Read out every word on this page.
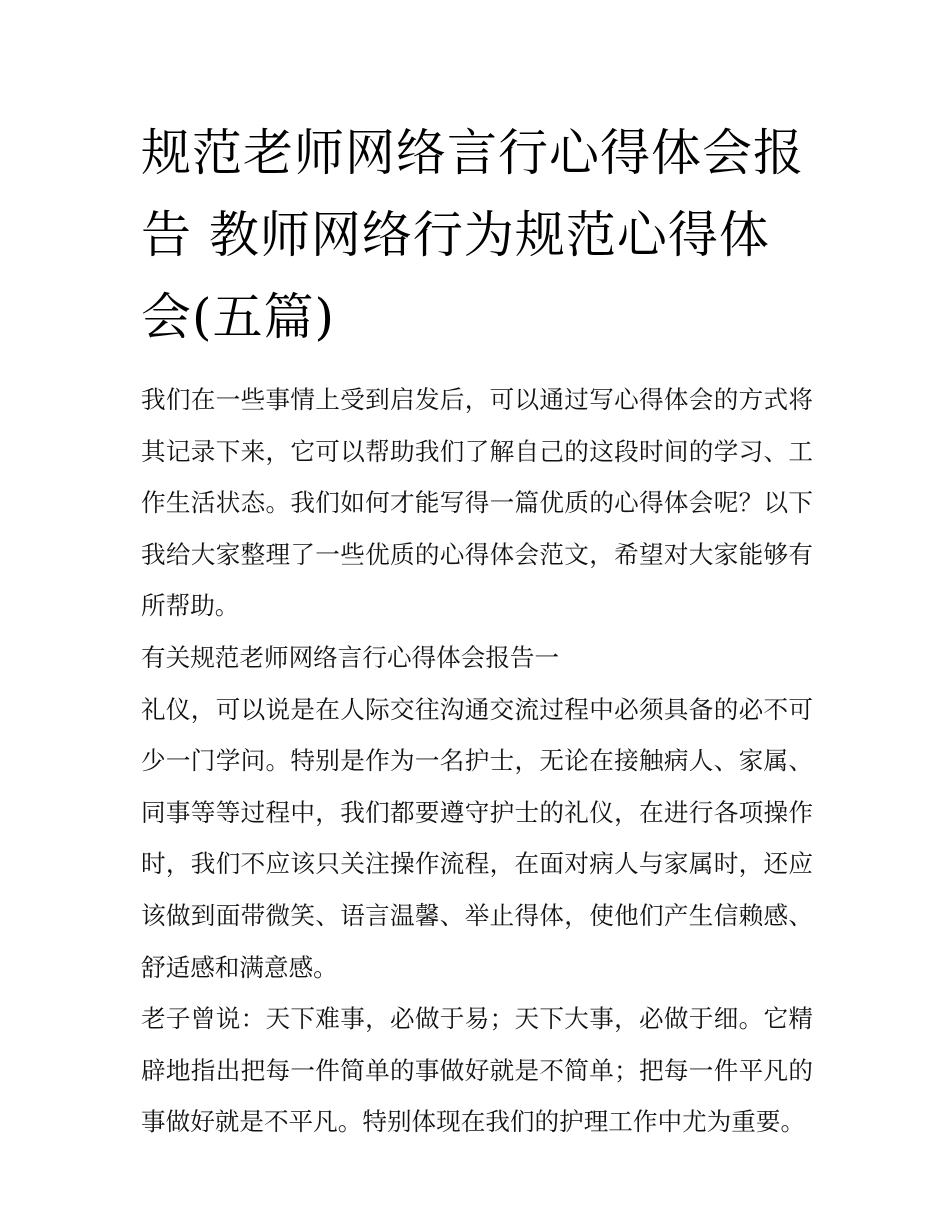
规范老师网络言行心得体会报告 教师网络行为规范心得体会(五篇)

我们在一些事情上受到启发后，可以通过写心得体会的方式将其记录下来，它可以帮助我们了解自己的这段时间的学习、工作生活状态。我们如何才能写得一篇优质的心得体会呢？以下我给大家整理了一些优质的心得体会范文，希望对大家能够有所帮助。

有关规范老师网络言行心得体会报告一

礼仪，可以说是在人际交往沟通交流过程中必须具备的必不可少一门学问。特别是作为一名护士，无论在接触病人、家属、同事等等过程中，我们都要遵守护士的礼仪，在进行各项操作时，我们不应该只关注操作流程，在面对病人与家属时，还应该做到面带微笑、语言温馨、举止得体，使他们产生信赖感、舒适感和满意感。

老子曾说：天下难事，必做于易；天下大事，必做于细。它精辟地指出把每一件简单的事做好就是不简单；把每一件平凡的事做好就是不平凡。特别体现在我们的护理工作中尤为重要。
